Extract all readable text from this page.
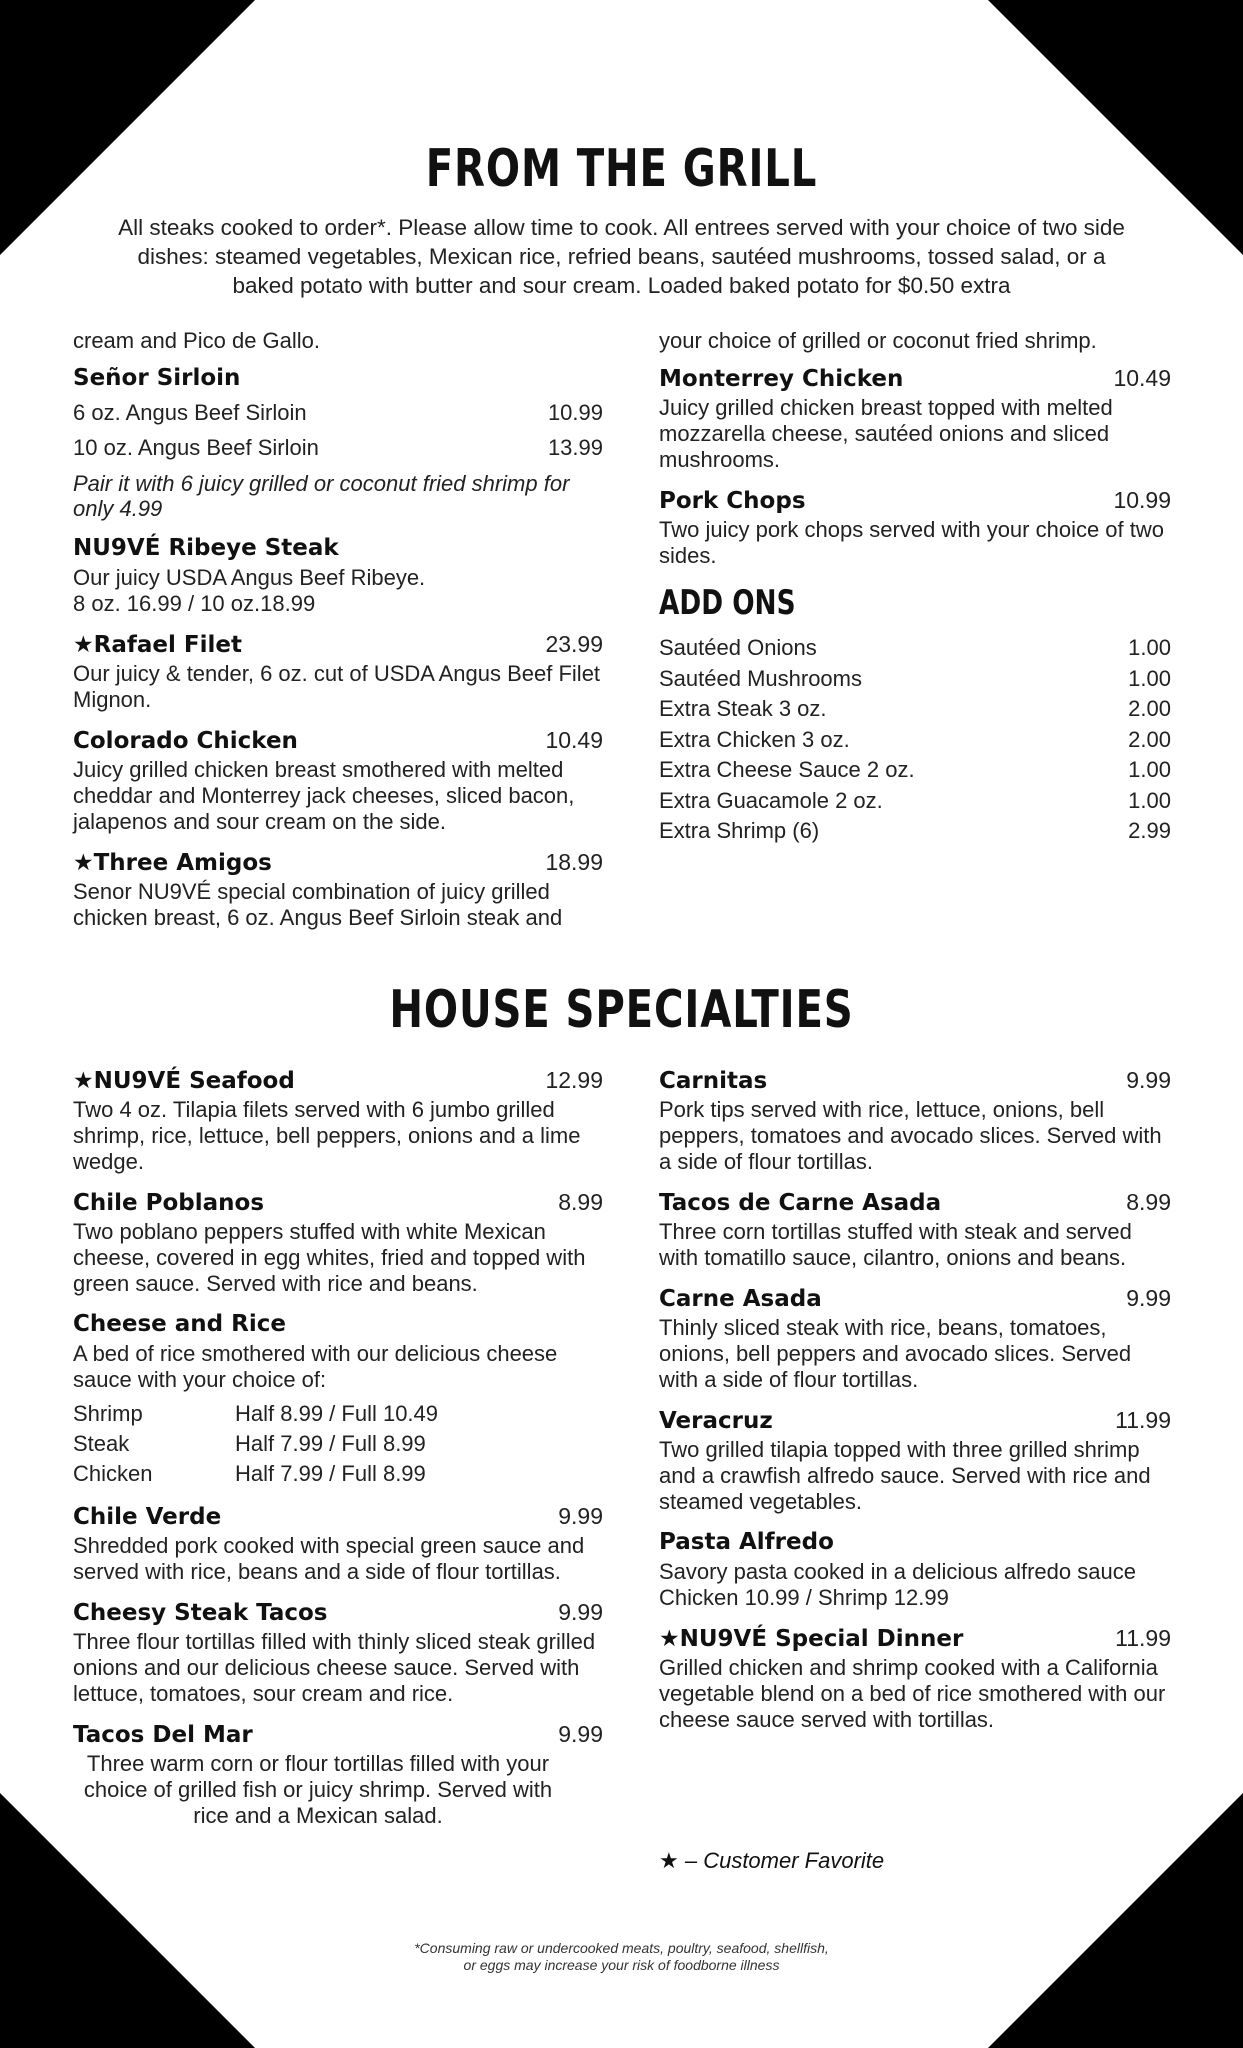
FROM THE GRILL
All steaks cooked to order*. Please allow time to cook. All entrees served with your choice of two side dishes: steamed vegetables, Mexican rice, refried beans, sautéed mushrooms, tossed salad, or a baked potato with butter and sour cream. Loaded baked potato for $0.50 extra
cream and Pico de Gallo.
Señor Sirloin
6 oz. Angus Beef Sirloin	10.99
10 oz. Angus Beef Sirloin	13.99
Pair it with 6 juicy grilled or coconut fried shrimp for only 4.99
NU9VÉ Ribeye Steak
Our juicy USDA Angus Beef Ribeye.
8 oz. 16.99 / 10 oz.18.99
★Rafael Filet	23.99
Our juicy & tender, 6 oz. cut of USDA Angus Beef Filet Mignon.
Colorado Chicken	10.49
Juicy grilled chicken breast smothered with melted cheddar and Monterrey jack cheeses, sliced bacon, jalapenos and sour cream on the side.
★Three Amigos	18.99
Senor NU9VÉ special combination of juicy grilled chicken breast, 6 oz. Angus Beef Sirloin steak and
your choice of grilled or coconut fried shrimp.
Monterrey Chicken	10.49
Juicy grilled chicken breast topped with melted mozzarella cheese, sautéed onions and sliced mushrooms.
Pork Chops	10.99
Two juicy pork chops served with your choice of two sides.
ADD ONS
Sautéed Onions	1.00
Sautéed Mushrooms	1.00
Extra Steak 3 oz.	2.00
Extra Chicken 3 oz.	2.00
Extra Cheese Sauce 2 oz.	1.00
Extra Guacamole 2 oz.	1.00
Extra Shrimp (6)	2.99
HOUSE SPECIALTIES
★NU9VÉ Seafood	12.99
Two 4 oz. Tilapia filets served with 6 jumbo grilled shrimp, rice, lettuce, bell peppers, onions and a lime wedge.
Chile Poblanos	8.99
Two poblano peppers stuffed with white Mexican cheese, covered in egg whites, fried and topped with green sauce. Served with rice and beans.
Cheese and Rice
A bed of rice smothered with our delicious cheese sauce with your choice of:
Shrimp	Half 8.99 / Full 10.49
Steak	Half 7.99 / Full 8.99
Chicken	Half 7.99 / Full 8.99
Chile Verde	9.99
Shredded pork cooked with special green sauce and served with rice, beans and a side of flour tortillas.
Cheesy Steak Tacos	9.99
Three flour tortillas filled with thinly sliced steak grilled onions and our delicious cheese sauce. Served with lettuce, tomatoes, sour cream and rice.
Tacos Del Mar	9.99
Three warm corn or flour tortillas filled with your choice of grilled fish or juicy shrimp. Served with rice and a Mexican salad.
Carnitas	9.99
Pork tips served with rice, lettuce, onions, bell peppers, tomatoes and avocado slices. Served with a side of flour tortillas.
Tacos de Carne Asada	8.99
Three corn tortillas stuffed with steak and served with tomatillo sauce, cilantro, onions and beans.
Carne Asada	9.99
Thinly sliced steak with rice, beans, tomatoes, onions, bell peppers and avocado slices. Served with a side of flour tortillas.
Veracruz	11.99
Two grilled tilapia topped with three grilled shrimp and a crawfish alfredo sauce. Served with rice and steamed vegetables.
Pasta Alfredo
Savory pasta cooked in a delicious alfredo sauce Chicken 10.99 / Shrimp 12.99
★NU9VÉ Special Dinner	11.99
Grilled chicken and shrimp cooked with a California vegetable blend on a bed of rice smothered with our cheese sauce served with tortillas.
★ – Customer Favorite
*Consuming raw or undercooked meats, poultry, seafood, shellfish, or eggs may increase your risk of foodborne illness
